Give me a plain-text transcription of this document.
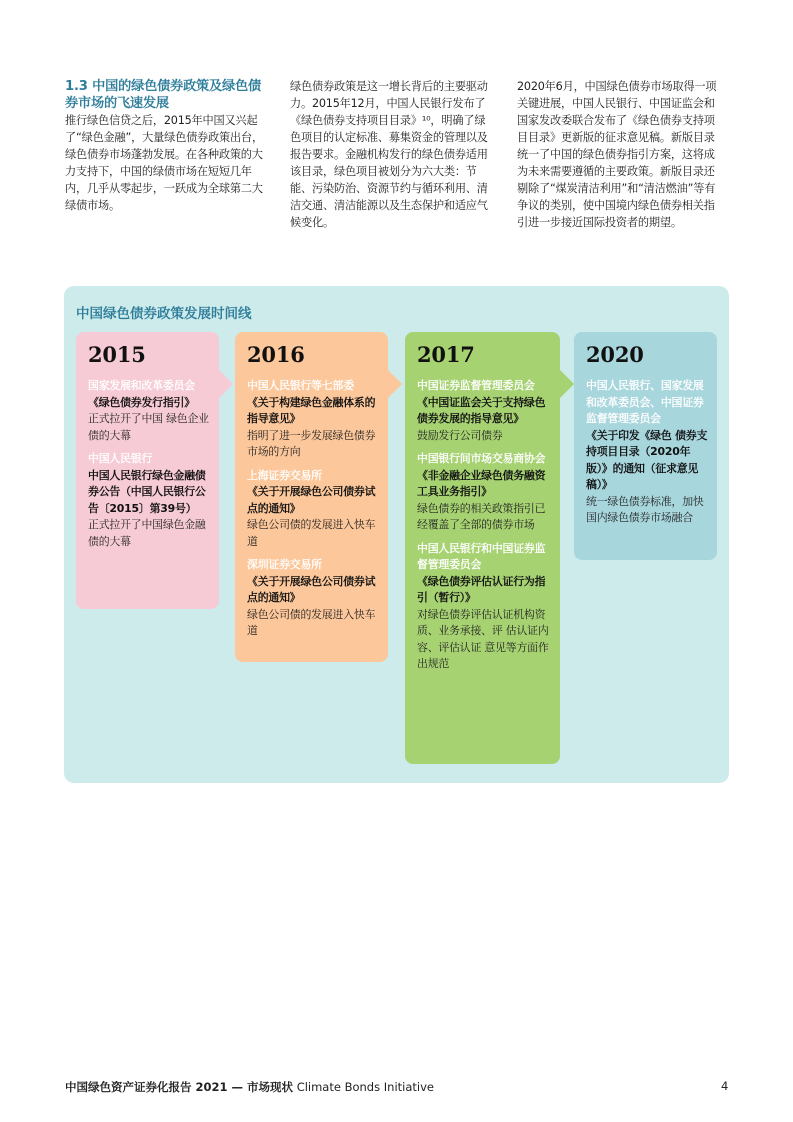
1.3 中国的绿色债券政策及绿色债券市场的飞速发展

推行绿色信贷之后，2015年中国又兴起了“绿色金融”，大量绿色债券政策出台，绿色债券市场蓬勃发展。在各种政策的大力支持下，中国的绿债市场在短短几年内，几乎从零起步，一跃成为全球第二大绿债市场。

绿色债券政策是这一增长背后的主要驱动力。2015年12月，中国人民银行发布了《绿色债券支持项目目录》¹⁰，明确了绿色项目的认定标准、募集资金的管理以及报告要求。金融机构发行的绿色债券适用该目录，绿色项目被划分为六大类：节能、污染防治、资源节约与循环利用、清洁交通、清洁能源以及生态保护和适应气候变化。

2020年6月，中国绿色债券市场取得一项关键进展，中国人民银行、中国证监会和国家发改委联合发布了《绿色债券支持项目目录》更新版的征求意见稿。新版目录统一了中国的绿色债券指引方案，这将成为未来需要遵循的主要政策。新版目录还剔除了“煤炭清洁利用”和“清洁燃油”等有争议的类别，使中国境内绿色债券相关指引进一步接近国际投资者的期望。

中国绿色债券政策发展时间线
2015
国家发展和改革委员会
《绿色债券发行指引》
正式拉开了中国 绿色企业债的大幕
中国人民银行
中国人民银行绿色金融债券公告（中国人民银行公告〔2015〕第39号）
正式拉开了中国绿色金融债的大幕
2016
中国人民银行等七部委
《关于构建绿色金融体系的指导意见》
指明了进一步发展绿色债券市场的方向
上海证券交易所
《关于开展绿色公司债券试点的通知》
绿色公司债的发展进入快车道
深圳证券交易所
《关于开展绿色公司债券试点的通知》
绿色公司债的发展进入快车道
2017
中国证券监督管理委员会
《中国证监会关于支持绿色债券发展的指导意见》
鼓励发行公司债券
中国银行间市场交易商协会
《非金融企业绿色债务融资工具业务指引》
绿色债券的相关政策指引已经覆盖了全部的债券市场
中国人民银行和中国证券监督管理委员会
《绿色债券评估认证行为指引（暂行）》
对绿色债券评估认证机构资质、业务承接、评 估认证内容、评估认证 意见等方面作出规范
2020
中国人民银行、国家发展和改革委员会、中国证券监督管理委员会
《关于印发《绿色 债券支持项目目录（2020年版）》的通知（征求意见稿）》
统一绿色债券标准，加快国内绿色债券市场融合
中国绿色资产证券化报告 2021 — 市场现状 Climate Bonds Initiative	4
